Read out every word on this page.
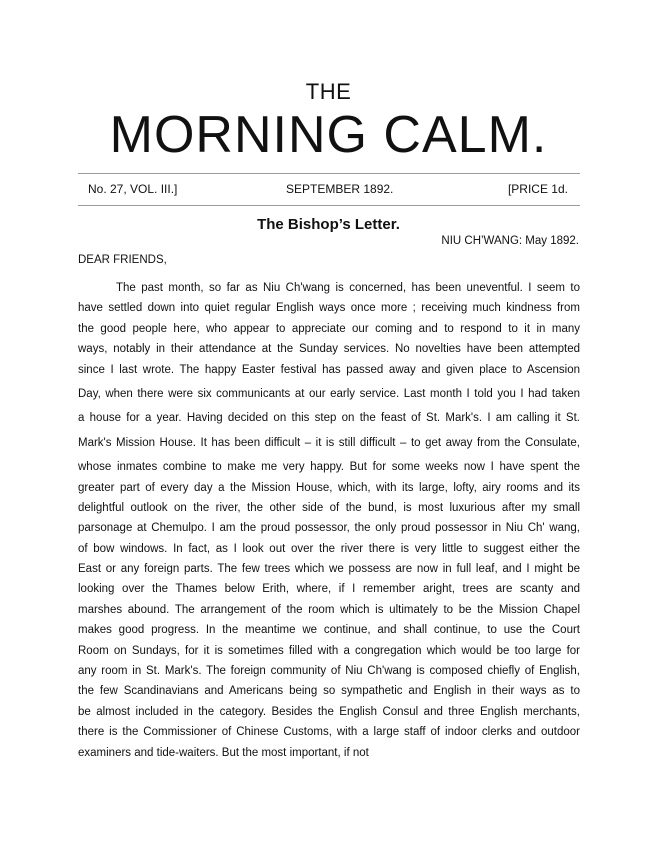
THE
MORNING CALM.
No. 27, VOL. III.]	SEPTEMBER 1892.	[PRICE 1d.
The Bishop’s Letter.
NIU CH’WANG: May 1892.
DEAR FRIENDS,
The past month, so far as Niu Ch'wang is concerned, has been uneventful. I seem to
have settled down into quiet regular English ways once more ; receiving much kindness from
the good people here, who appear to appreciate our coming and to respond to it in many
ways, notably in their attendance at the Sunday services. No novelties have been attempted
since I last wrote. The happy Easter festival has passed away and given place to Ascension
Day, when there were six communicants at our early service. Last month I told you I had taken
a house for a year. Having decided on this step on the feast of St. Mark's. I am calling it St.
Mark's Mission House. It has been difficult – it is still difficult – to get away from the Consulate,
whose inmates combine to make me very happy. But for some weeks now I have spent the
greater part of every day a the Mission House, which, with its large, lofty, airy rooms and its
delightful outlook on the river, the other side of the bund, is most luxurious after my small
parsonage at Chemulpo. I am the proud possessor, the only proud possessor in Niu Ch' wang,
of bow windows. In fact, as I look out over the river there is very little to suggest either the
East or any foreign parts. The few trees which we possess are now in full leaf, and I might be
looking over the Thames below Erith, where, if I remember aright, trees are scanty and
marshes abound. The arrangement of the room which is ultimately to be the Mission Chapel
makes good progress. In the meantime we continue, and shall continue, to use the Court
Room on Sundays, for it is sometimes filled with a congregation which would be too large for
any room in St. Mark's. The foreign community of Niu Ch'wang is composed chiefly of English,
the few Scandinavians and Americans being so sympathetic and English in their ways as to
be almost included in the category. Besides the English Consul and three English merchants,
there is the Commissioner of Chinese Customs, with a large staff of indoor clerks and outdoor
examiners and tide-waiters. But the most important, if not
